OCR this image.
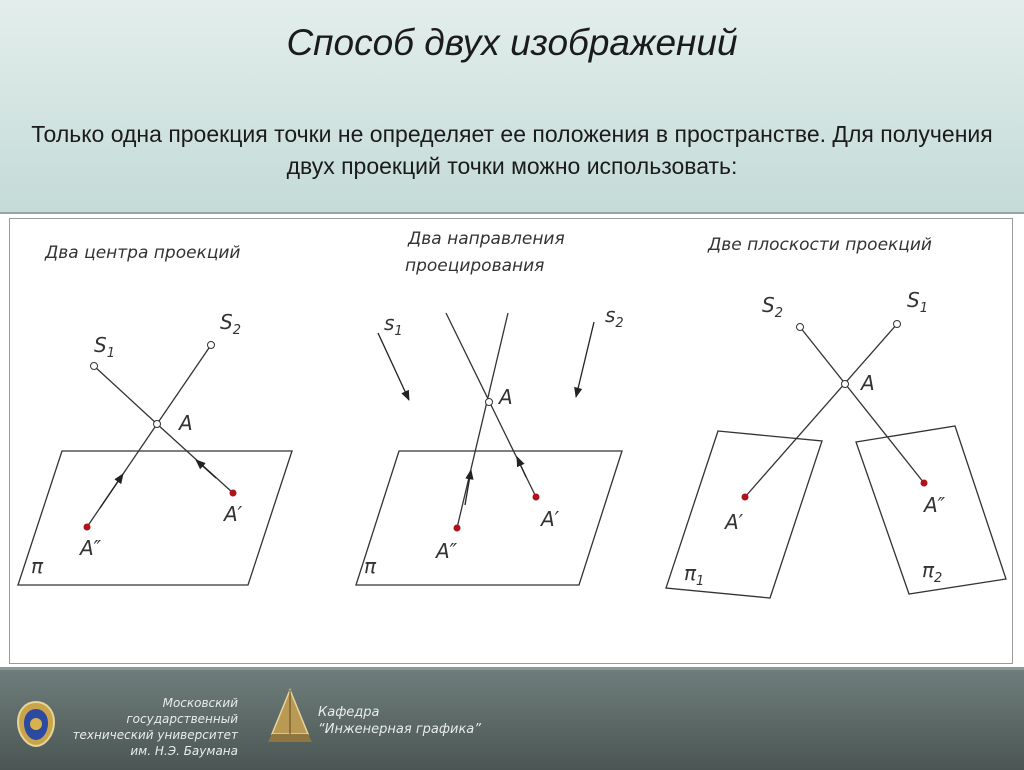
Способ двух изображений
Только одна проекция точки не определяет ее положения в пространстве. Для получения двух проекций точки можно использовать:
Два центра проекций
$S_1$
$S_2$
A
A″
A′
π
Два направления
проецирования
$s_1$
$s_2$
A
A″
A′
π
Две плоскости проекций
$S_2$
$S_1$
A
A′
A″
$\pi_1$	$\pi_2$
Московский государственный
технический университет
им. Н.Э. Баумана
Кафедра
“Инженерная графика”
